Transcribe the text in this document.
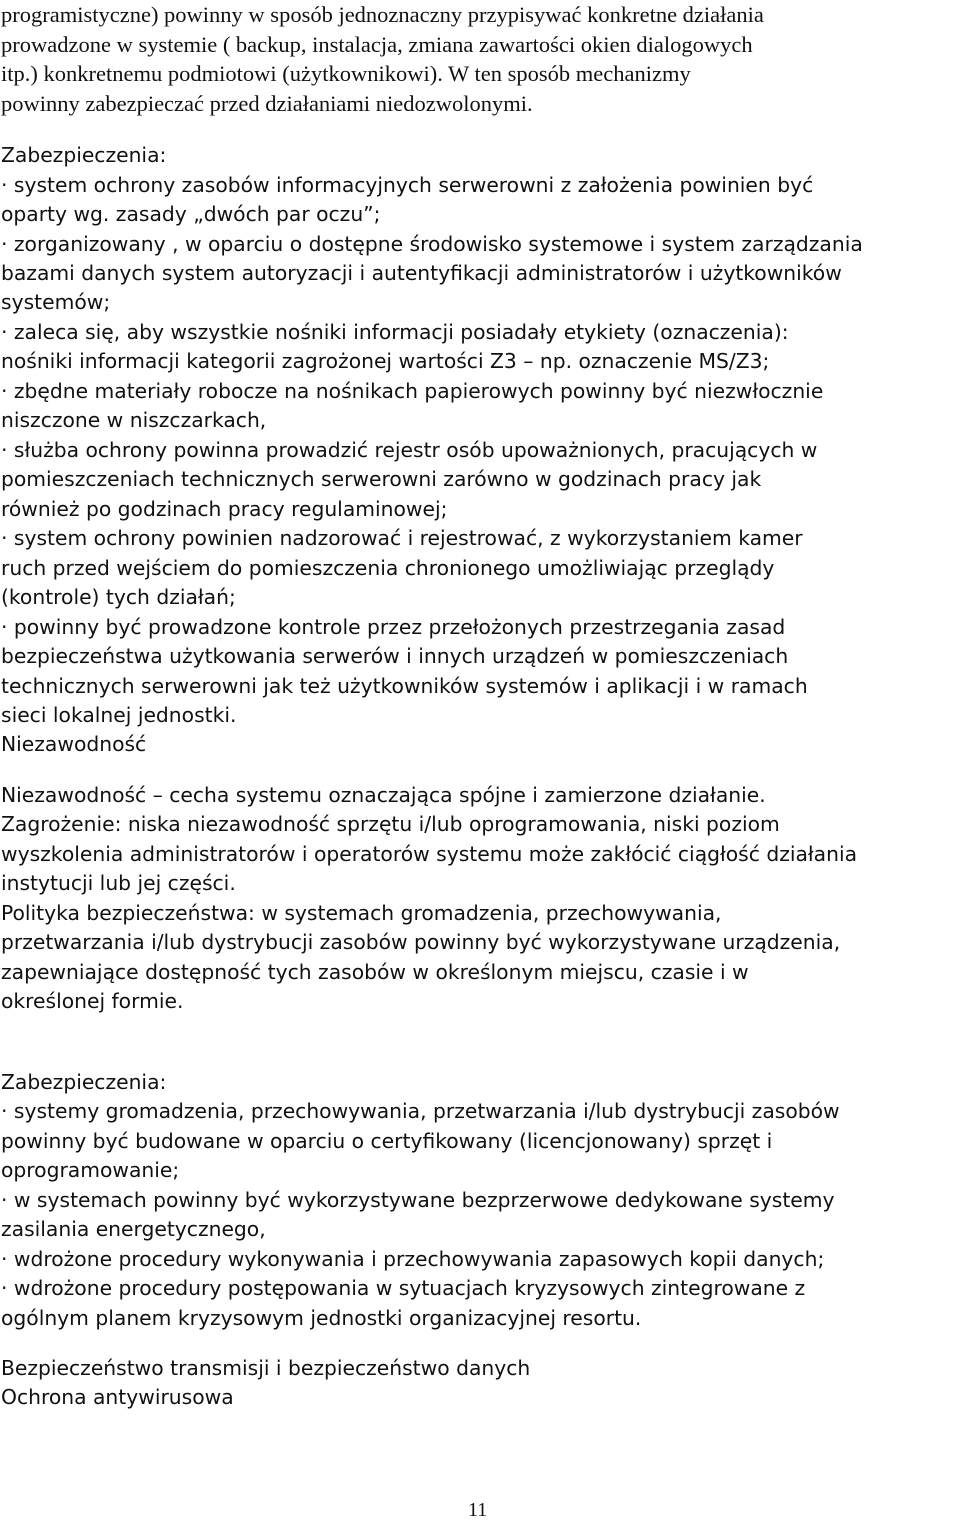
programistyczne) powinny w sposób jednoznaczny przypisywać konkretne działania
prowadzone w systemie ( backup, instalacja, zmiana zawartości okien dialogowych
itp.) konkretnemu podmiotowi (użytkownikowi). W ten sposób mechanizmy
powinny zabezpieczać przed działaniami niedozwolonymi.
Zabezpieczenia:
· system ochrony zasobów informacyjnych serwerowni z założenia powinien być
oparty wg. zasady „dwóch par oczu”;
· zorganizowany , w oparciu o dostępne środowisko systemowe i system zarządzania
bazami danych system autoryzacji i autentyfikacji administratorów i użytkowników
systemów;
· zaleca się, aby wszystkie nośniki informacji posiadały etykiety (oznaczenia):
nośniki informacji kategorii zagrożonej wartości Z3 – np. oznaczenie MS/Z3;
· zbędne materiały robocze na nośnikach papierowych powinny być niezwłocznie
niszczone w niszczarkach,
· służba ochrony powinna prowadzić rejestr osób upoważnionych, pracujących w
pomieszczeniach technicznych serwerowni zarówno w godzinach pracy jak
również po godzinach pracy regulaminowej;
· system ochrony powinien nadzorować i rejestrować, z wykorzystaniem kamer
ruch przed wejściem do pomieszczenia chronionego umożliwiając przeglądy
(kontrole) tych działań;
· powinny być prowadzone kontrole przez przełożonych przestrzegania zasad
bezpieczeństwa użytkowania serwerów i innych urządzeń w pomieszczeniach
technicznych serwerowni jak też użytkowników systemów i aplikacji i w ramach
sieci lokalnej jednostki.
Niezawodność
Niezawodność – cecha systemu oznaczająca spójne i zamierzone działanie.
Zagrożenie: niska niezawodność sprzętu i/lub oprogramowania, niski poziom
wyszkolenia administratorów i operatorów systemu może zakłócić ciągłość działania
instytucji lub jej części.
Polityka bezpieczeństwa: w systemach gromadzenia, przechowywania,
przetwarzania i/lub dystrybucji zasobów powinny być wykorzystywane urządzenia,
zapewniające dostępność tych zasobów w określonym miejscu, czasie i w
określonej formie.
Zabezpieczenia:
· systemy gromadzenia, przechowywania, przetwarzania i/lub dystrybucji zasobów
powinny być budowane w oparciu o certyfikowany (licencjonowany) sprzęt i
oprogramowanie;
· w systemach powinny być wykorzystywane bezprzerwowe dedykowane systemy
zasilania energetycznego,
· wdrożone procedury wykonywania i przechowywania zapasowych kopii danych;
· wdrożone procedury postępowania w sytuacjach kryzysowych zintegrowane z
ogólnym planem kryzysowym jednostki organizacyjnej resortu.
Bezpieczeństwo transmisji i bezpieczeństwo danych
Ochrona antywirusowa
11
